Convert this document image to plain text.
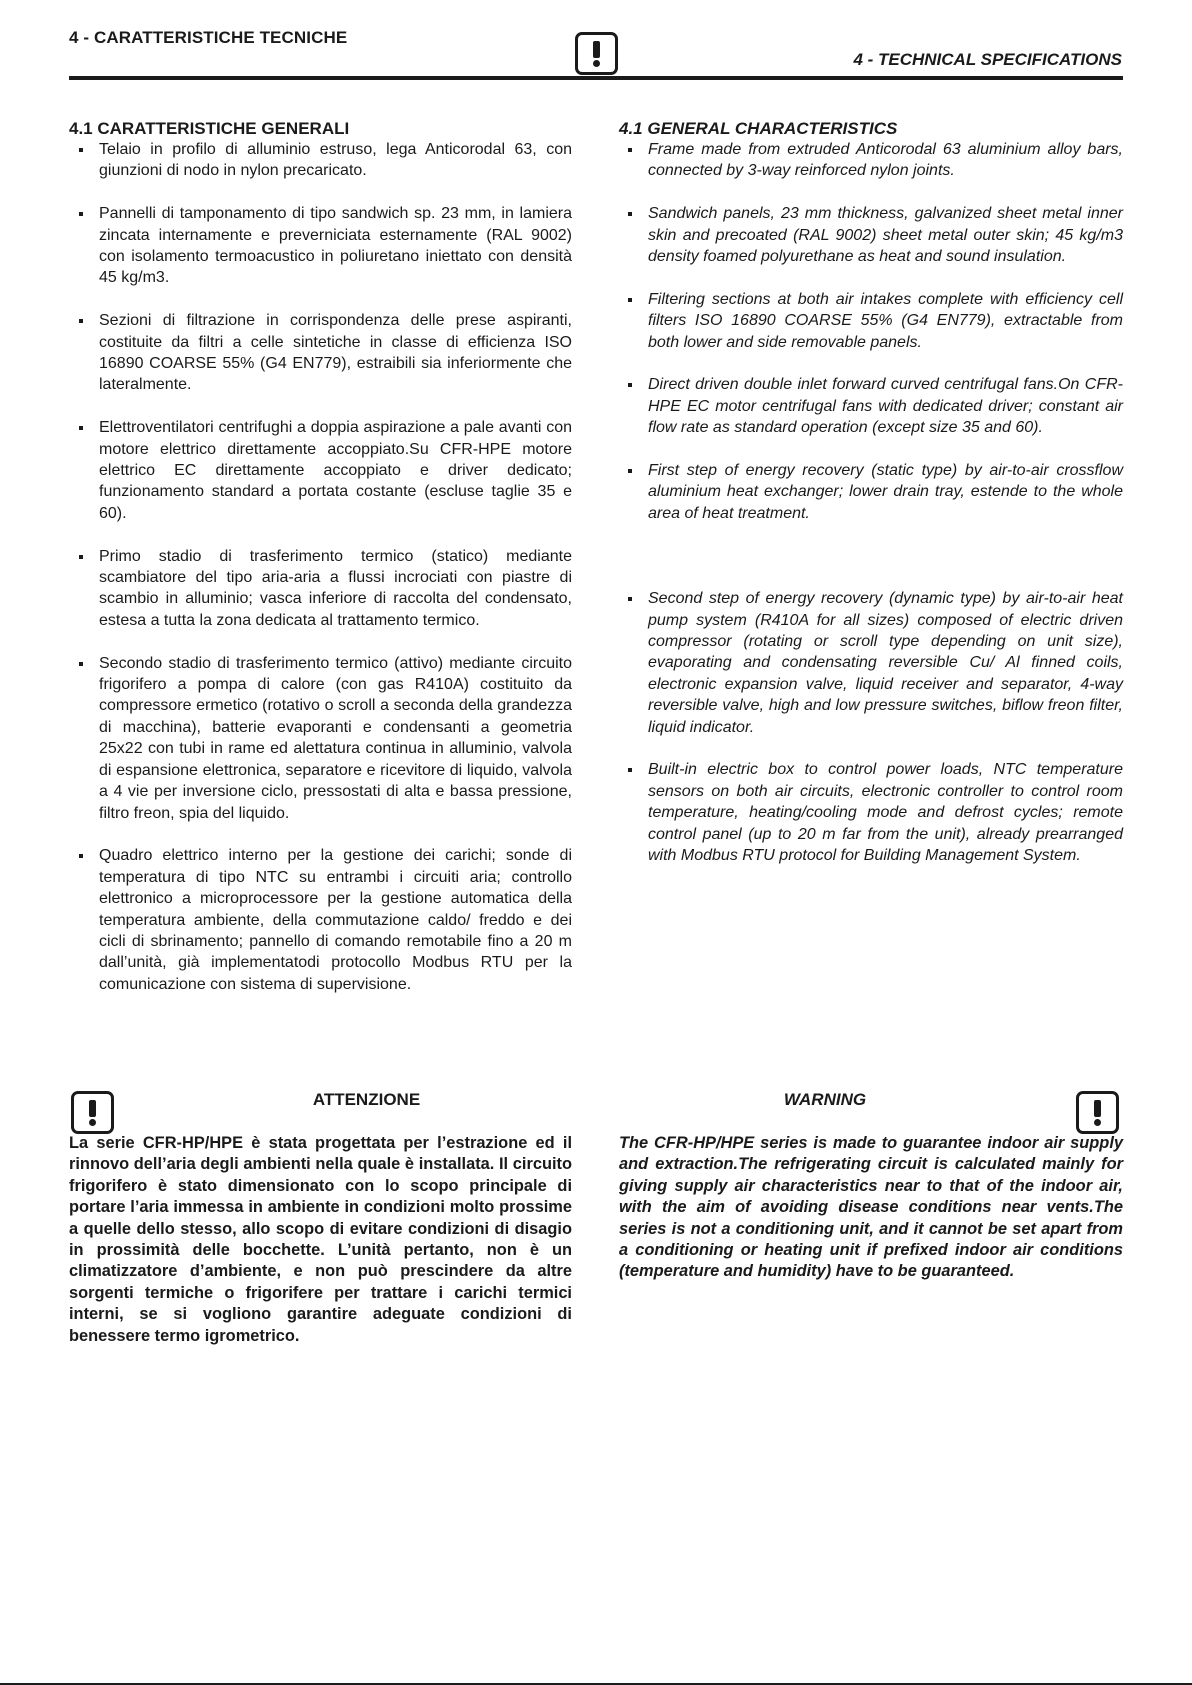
4 - CARATTERISTICHE TECNICHE
4 - TECHNICAL SPECIFICATIONS
4.1 CARATTERISTICHE GENERALI
Telaio in profilo di alluminio estruso, lega Anticorodal 63, con giunzioni di nodo in nylon precaricato.
Pannelli di tamponamento di tipo sandwich sp. 23 mm, in lamiera zincata internamente e preverniciata esternamente (RAL 9002) con isolamento termoacustico in poliuretano iniettato con densità 45 kg/m3.
Sezioni di filtrazione in corrispondenza delle prese aspiranti, costituite da filtri a celle sintetiche in classe di efficienza ISO 16890 COARSE 55% (G4 EN779), estraibili sia inferiormente che lateralmente.
Elettroventilatori centrifughi a doppia aspirazione a pale avanti con motore elettrico direttamente accoppiato.Su CFR-HPE motore elettrico EC direttamente accoppiato e driver dedicato; funzionamento standard a portata costante (escluse taglie 35 e 60).
Primo stadio di trasferimento termico (statico) mediante scambiatore del tipo aria-aria a flussi incrociati con piastre di scambio in alluminio; vasca inferiore di raccolta del condensato, estesa a tutta la zona dedicata al trattamento termico.
Secondo stadio di trasferimento termico (attivo) mediante circuito frigorifero a pompa di calore (con gas R410A) costituito da compressore ermetico (rotativo o scroll a seconda della grandezza di macchina), batterie evaporanti e condensanti a geometria 25x22 con tubi in rame ed alettatura continua in alluminio, valvola di espansione elettronica, separatore e ricevitore di liquido, valvola a 4 vie per inversione ciclo, pressostati di alta e bassa pressione, filtro freon, spia del liquido.
Quadro elettrico interno per la gestione dei carichi; sonde di temperatura di tipo NTC su entrambi i circuiti aria; controllo elettronico a microprocessore per la gestione automatica della temperatura ambiente, della commutazione caldo/ freddo e dei cicli di sbrinamento; pannello di comando remotabile fino a 20 m dall’unità, già implementatodi protocollo Modbus RTU per la comunicazione con sistema di supervisione.
4.1 GENERAL CHARACTERISTICS
Frame made from extruded Anticorodal 63 aluminium alloy bars, connected by 3-way reinforced nylon joints.
Sandwich panels, 23 mm thickness, galvanized sheet metal inner skin and precoated (RAL 9002) sheet metal outer skin; 45 kg/m3 density foamed polyurethane as heat and sound insulation.
Filtering sections at both air intakes complete with efficiency cell filters ISO 16890 COARSE 55% (G4 EN779), extractable from both lower and side removable panels.
Direct driven double inlet forward curved centrifugal fans.On CFR-HPE EC motor centrifugal fans with dedicated driver; constant air flow rate as standard operation (except size 35 and 60).
First step of energy recovery (static type) by air-to-air crossflow aluminium heat exchanger; lower drain tray, estende to the whole area of heat treatment.
Second step of energy recovery (dynamic type) by air-to-air heat pump system (R410A for all sizes) composed of electric driven compressor (rotating or scroll type depending on unit size), evaporating and condensating reversible Cu/ Al finned coils, electronic expansion valve, liquid receiver and separator, 4-way reversible valve, high and low pressure switches, biflow freon filter, liquid indicator.
Built-in electric box to control power loads, NTC temperature sensors on both air circuits, electronic controller to control room temperature, heating/cooling mode and defrost cycles; remote control panel (up to 20 m far from the unit), already prearranged with Modbus RTU protocol for Building Management System.
ATTENZIONE
La serie CFR-HP/HPE è stata progettata per l’estrazione ed il rinnovo dell’aria degli ambienti nella quale è installata. Il circuito frigorifero è stato dimensionato con lo scopo principale di portare l’aria immessa in ambiente in condizioni molto prossime a quelle dello stesso, allo scopo di evitare condizioni di disagio in prossimità delle bocchette. L’unità pertanto, non è un climatizzatore d’ambiente, e non può prescindere da altre sorgenti termiche o frigorifere per trattare i carichi termici interni, se si vogliono garantire adeguate condizioni di benessere termo igrometrico.
WARNING
The CFR-HP/HPE series is made to guarantee indoor air supply and extraction.The refrigerating circuit is calculated mainly for giving supply air characteristics near to that of the indoor air, with the aim of avoiding disease conditions near vents.The series is not a conditioning unit, and it cannot be set apart from a conditioning or heating unit if prefixed indoor air conditions (temperature and humidity) have to be guaranteed.
